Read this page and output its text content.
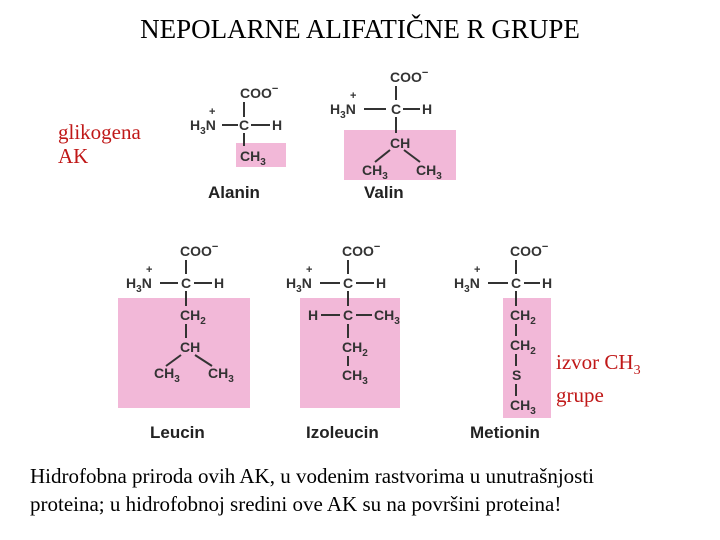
NEPOLARNE ALIFATIČNE R GRUPE
glikogena
AK
izvor $CH_3$
grupe
COO−
$H_3N$
+
C H
$CH_3$
Alanin
COO−
$H_3N$
+
C H
CH
$CH_3$ $CH_3$
Valin
COO−
$H_3N$
+
C H
$CH_2$
CH
$CH_3$ $CH_3$
Leucin
COO−
$H_3N$
+
C H
H C $CH_3$
$CH_2$
$CH_3$
Izoleucin
COO−
$H_3N$
+
C H
$CH_2$
$CH_2$
S
$CH_3$
Metionin
Hidrofobna priroda ovih AK, u vodenim rastvorima u unutrašnjosti
proteina; u hidrofobnoj sredini ove AK su na površini proteina!
